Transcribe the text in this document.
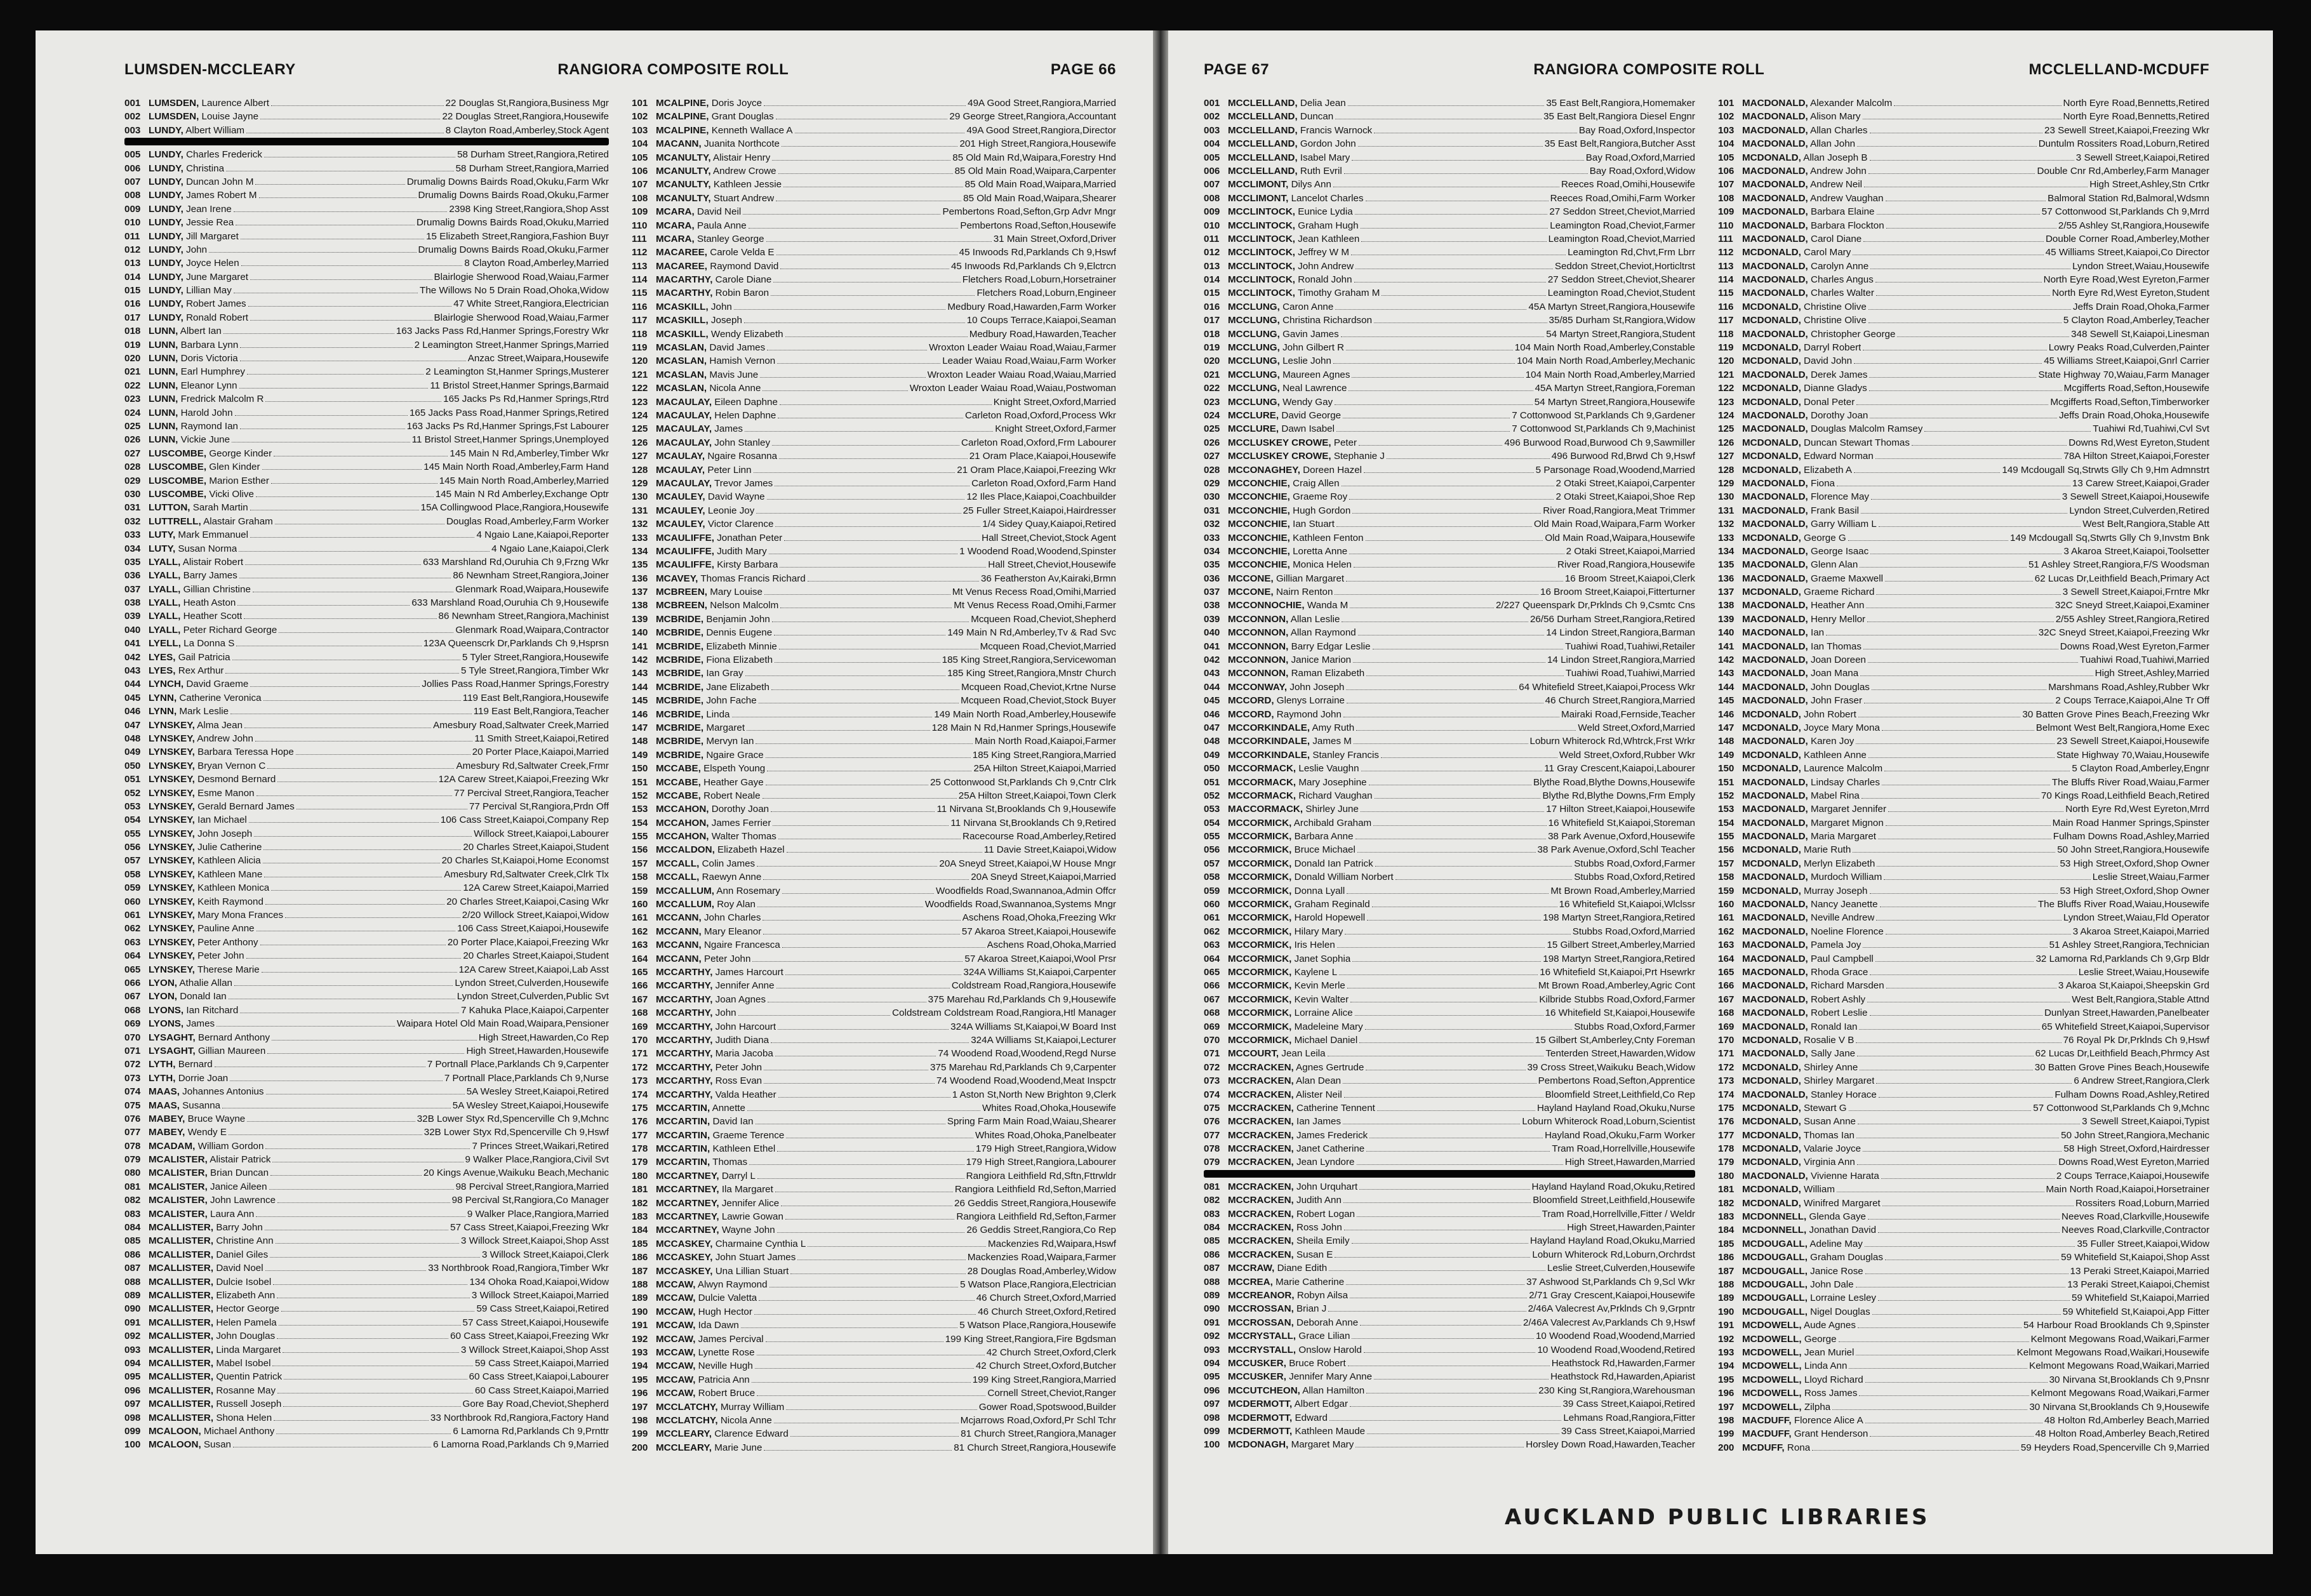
LUMSDEN-MCCLEARY	RANGIORA COMPOSITE ROLL	PAGE 66
001 LUMSDEN, Laurence Albert	22 Douglas St,Rangiora,Business Mgr
002 LUMSDEN, Louise Jayne	22 Douglas Street,Rangiora,Housewife
003 LUNDY, Albert William	8 Clayton Road,Amberley,Stock Agent
005 LUNDY, Charles Frederick	58 Durham Street,Rangiora,Retired
006 LUNDY, Christina	58 Durham Street,Rangiora,Married
007 LUNDY, Duncan John M	Drumalig Downs Bairds Road,Okuku,Farm Wkr
008 LUNDY, James Robert M	Drumalig Downs Bairds Road,Okuku,Farmer
009 LUNDY, Jean Irene	2398 King Street,Rangiora,Shop Asst
010 LUNDY, Jessie Rea	Drumalig Downs Bairds Road,Okuku,Married
011 LUNDY, Jill Margaret	15 Elizabeth Street,Rangiora,Fashion Buyr
012 LUNDY, John	Drumalig Downs Bairds Road,Okuku,Farmer
013 LUNDY, Joyce Helen	8 Clayton Road,Amberley,Married
014 LUNDY, June Margaret	Blairlogie Sherwood Road,Waiau,Farmer
015 LUNDY, Lillian May	The Willows No 5 Drain Road,Ohoka,Widow
016 LUNDY, Robert James	47 White Street,Rangiora,Electrician
017 LUNDY, Ronald Robert	Blairlogie Sherwood Road,Waiau,Farmer
018 LUNN, Albert Ian	163 Jacks Pass Rd,Hanmer Springs,Forestry Wkr
019 LUNN, Barbara Lynn	2 Leamington Street,Hanmer Springs,Married
020 LUNN, Doris Victoria	Anzac Street,Waipara,Housewife
021 LUNN, Earl Humphrey	2 Leamington St,Hanmer Springs,Musterer
022 LUNN, Eleanor Lynn	11 Bristol Street,Hanmer Springs,Barmaid
023 LUNN, Fredrick Malcolm R	165 Jacks Ps Rd,Hanmer Springs,Rtrd
024 LUNN, Harold John	165 Jacks Pass Road,Hanmer Springs,Retired
025 LUNN, Raymond Ian	163 Jacks Ps Rd,Hanmer Springs,Fst Labourer
026 LUNN, Vickie June	11 Bristol Street,Hanmer Springs,Unemployed
027 LUSCOMBE, George Kinder	145 Main N Rd,Amberley,Timber Wkr
028 LUSCOMBE, Glen Kinder	145 Main North Road,Amberley,Farm Hand
029 LUSCOMBE, Marion Esther	145 Main North Road,Amberley,Married
030 LUSCOMBE, Vicki Olive	145 Main N Rd Amberley,Exchange Optr
031 LUTTON, Sarah Martin	15A Collingwood Place,Rangiora,Housewife
032 LUTTRELL, Alastair Graham	Douglas Road,Amberley,Farm Worker
033 LUTY, Mark Emmanuel	4 Ngaio Lane,Kaiapoi,Reporter
034 LUTY, Susan Norma	4 Ngaio Lane,Kaiapoi,Clerk
035 LYALL, Alistair Robert	633 Marshland Rd,Ouruhia Ch 9,Frzng Wkr
036 LYALL, Barry James	86 Newnham Street,Rangiora,Joiner
037 LYALL, Gillian Christine	Glenmark Road,Waipara,Housewife
038 LYALL, Heath Aston	633 Marshland Road,Ouruhia Ch 9,Housewife
039 LYALL, Heather Scott	86 Newnham Street,Rangiora,Machinist
040 LYALL, Peter Richard George	Glenmark Road,Waipara,Contractor
041 LYELL, La Donna S	123A Queenscrk Dr,Parklands Ch 9,Hsprsn
042 LYES, Gail Patricia	5 Tyler Street,Rangiora,Housewife
043 LYES, Rex Arthur	5 Tyle Street,Rangiora,Timber Wkr
044 LYNCH, David Graeme	Jollies Pass Road,Hanmer Springs,Forestry
045 LYNN, Catherine Veronica	119 East Belt,Rangiora,Housewife
046 LYNN, Mark Leslie	119 East Belt,Rangiora,Teacher
047 LYNSKEY, Alma Jean	Amesbury Road,Saltwater Creek,Married
048 LYNSKEY, Andrew John	11 Smith Street,Kaiapoi,Retired
049 LYNSKEY, Barbara Teressa Hope	20 Porter Place,Kaiapoi,Married
050 LYNSKEY, Bryan Vernon C	Amesbury Rd,Saltwater Creek,Frmr
051 LYNSKEY, Desmond Bernard	12A Carew Street,Kaiapoi,Freezing Wkr
052 LYNSKEY, Esme Manon	77 Percival Street,Rangiora,Teacher
053 LYNSKEY, Gerald Bernard James	77 Percival St,Rangiora,Prdn Off
054 LYNSKEY, Ian Michael	106 Cass Street,Kaiapoi,Company Rep
055 LYNSKEY, John Joseph	Willock Street,Kaiapoi,Labourer
056 LYNSKEY, Julie Catherine	20 Charles Street,Kaiapoi,Student
057 LYNSKEY, Kathleen Alicia	20 Charles St,Kaiapoi,Home Economst
058 LYNSKEY, Kathleen Mane	Amesbury Rd,Saltwater Creek,Clrk Tlx
059 LYNSKEY, Kathleen Monica	12A Carew Street,Kaiapoi,Married
060 LYNSKEY, Keith Raymond	20 Charles Street,Kaiapoi,Casing Wkr
061 LYNSKEY, Mary Mona Frances	2/20 Willock Street,Kaiapoi,Widow
062 LYNSKEY, Pauline Anne	106 Cass Street,Kaiapoi,Housewife
063 LYNSKEY, Peter Anthony	20 Porter Place,Kaiapoi,Freezing Wkr
064 LYNSKEY, Peter John	20 Charles Street,Kaiapoi,Student
065 LYNSKEY, Therese Marie	12A Carew Street,Kaiapoi,Lab Asst
066 LYON, Athalie Allan	Lyndon Street,Culverden,Housewife
067 LYON, Donald Ian	Lyndon Street,Culverden,Public Svt
068 LYONS, Ian Ritchard	7 Kahuka Place,Kaiapoi,Carpenter
069 LYONS, James	Waipara Hotel Old Main Road,Waipara,Pensioner
070 LYSAGHT, Bernard Anthony	High Street,Hawarden,Co Rep
071 LYSAGHT, Gillian Maureen	High Street,Hawarden,Housewife
072 LYTH, Bernard	7 Portnall Place,Parklands Ch 9,Carpenter
073 LYTH, Dorrie Joan	7 Portnall Place,Parklands Ch 9,Nurse
074 MAAS, Johannes Antonius	5A Wesley Street,Kaiapoi,Retired
075 MAAS, Susanna	5A Wesley Street,Kaiapoi,Housewife
076 MABEY, Bruce Wayne	32B Lower Styx Rd,Spencerville Ch 9,Mchnc
077 MABEY, Wendy E	32B Lower Styx Rd,Spencerville Ch 9,Hswf
078 MCADAM, William Gordon	7 Princes Street,Waikari,Retired
079 MCALISTER, Alistair Patrick	9 Walker Place,Rangiora,Civil Svt
080 MCALISTER, Brian Duncan	20 Kings Avenue,Waikuku Beach,Mechanic
081 MCALISTER, Janice Aileen	98 Percival Street,Rangiora,Married
082 MCALISTER, John Lawrence	98 Percival St,Rangiora,Co Manager
083 MCALISTER, Laura Ann	9 Walker Place,Rangiora,Married
084 MCALLISTER, Barry John	57 Cass Street,Kaiapoi,Freezing Wkr
085 MCALLISTER, Christine Ann	3 Willock Street,Kaiapoi,Shop Asst
086 MCALLISTER, Daniel Giles	3 Willock Street,Kaiapoi,Clerk
087 MCALLISTER, David Noel	33 Northbrook Road,Rangiora,Timber Wkr
088 MCALLISTER, Dulcie Isobel	134 Ohoka Road,Kaiapoi,Widow
089 MCALLISTER, Elizabeth Ann	3 Willock Street,Kaiapoi,Married
090 MCALLISTER, Hector George	59 Cass Street,Kaiapoi,Retired
091 MCALLISTER, Helen Pamela	57 Cass Street,Kaiapoi,Housewife
092 MCALLISTER, John Douglas	60 Cass Street,Kaiapoi,Freezing Wkr
093 MCALLISTER, Linda Margaret	3 Willock Street,Kaiapoi,Shop Asst
094 MCALLISTER, Mabel Isobel	59 Cass Street,Kaiapoi,Married
095 MCALLISTER, Quentin Patrick	60 Cass Street,Kaiapoi,Labourer
096 MCALLISTER, Rosanne May	60 Cass Street,Kaiapoi,Married
097 MCALLISTER, Russell Joseph	Gore Bay Road,Cheviot,Shepherd
098 MCALLISTER, Shona Helen	33 Northbrook Rd,Rangiora,Factory Hand
099 MCALOON, Michael Anthony	6 Lamorna Rd,Parklands Ch 9,Prnttr
100 MCALOON, Susan	6 Lamorna Road,Parklands Ch 9,Married
101 MCALPINE, Doris Joyce	49A Good Street,Rangiora,Married
102 MCALPINE, Grant Douglas	29 George Street,Rangiora,Accountant
103 MCALPINE, Kenneth Wallace A	49A Good Street,Rangiora,Director
104 MACANN, Juanita Northcote	201 High Street,Rangiora,Housewife
105 MCANULTY, Alistair Henry	85 Old Main Rd,Waipara,Forestry Hnd
106 MCANULTY, Andrew Crowe	85 Old Main Road,Waipara,Carpenter
107 MCANULTY, Kathleen Jessie	85 Old Main Road,Waipara,Married
108 MCANULTY, Stuart Andrew	85 Old Main Road,Waipara,Shearer
109 MCARA, David Neil	Pembertons Road,Sefton,Grp Advr Mngr
110 MCARA, Paula Anne	Pembertons Road,Sefton,Housewife
111 MCARA, Stanley George	31 Main Street,Oxford,Driver
112 MACAREE, Carole Velda E	45 Inwoods Rd,Parklands Ch 9,Hswf
113 MACAREE, Raymond David	45 Inwoods Rd,Parklands Ch 9,Elctrcn
114 MACARTHY, Carole Diane	Fletchers Road,Loburn,Horsetrainer
115 MACARTHY, Robin Baron	Fletchers Road,Loburn,Engineer
116 MCASKILL, John	Medbury Road,Hawarden,Farm Worker
117 MCASKILL, Joseph	10 Coups Terrace,Kaiapoi,Seaman
118 MCASKILL, Wendy Elizabeth	Medbury Road,Hawarden,Teacher
119 MCASLAN, David James	Wroxton Leader Waiau Road,Waiau,Farmer
120 MCASLAN, Hamish Vernon	Leader Waiau Road,Waiau,Farm Worker
121 MCASLAN, Mavis June	Wroxton Leader Waiau Road,Waiau,Married
122 MCASLAN, Nicola Anne	Wroxton Leader Waiau Road,Waiau,Postwoman
123 MACAULAY, Eileen Daphne	Knight Street,Oxford,Married
124 MACAULAY, Helen Daphne	Carleton Road,Oxford,Process Wkr
125 MACAULAY, James	Knight Street,Oxford,Farmer
126 MACAULAY, John Stanley	Carleton Road,Oxford,Frm Labourer
127 MCAULAY, Ngaire Rosanna	21 Oram Place,Kaiapoi,Housewife
128 MCAULAY, Peter Linn	21 Oram Place,Kaiapoi,Freezing Wkr
129 MACAULAY, Trevor James	Carleton Road,Oxford,Farm Hand
130 MCAULEY, David Wayne	12 Iles Place,Kaiapoi,Coachbuilder
131 MCAULEY, Leonie Joy	25 Fuller Street,Kaiapoi,Hairdresser
132 MCAULEY, Victor Clarence	1/4 Sidey Quay,Kaiapoi,Retired
133 MCAULIFFE, Jonathan Peter	Hall Street,Cheviot,Stock Agent
134 MCAULIFFE, Judith Mary	1 Woodend Road,Woodend,Spinster
135 MCAULIFFE, Kirsty Barbara	Hall Street,Cheviot,Housewife
136 MCAVEY, Thomas Francis Richard	36 Featherston Av,Kairaki,Brmn
137 MCBREEN, Mary Louise	Mt Venus Recess Road,Omihi,Married
138 MCBREEN, Nelson Malcolm	Mt Venus Recess Road,Omihi,Farmer
139 MCBRIDE, Benjamin John	Mcqueen Road,Cheviot,Shepherd
140 MCBRIDE, Dennis Eugene	149 Main N Rd,Amberley,Tv & Rad Svc
141 MCBRIDE, Elizabeth Minnie	Mcqueen Road,Cheviot,Married
142 MCBRIDE, Fiona Elizabeth	185 King Street,Rangiora,Servicewoman
143 MCBRIDE, Ian Gray	185 King Street,Rangiora,Mnstr Church
144 MCBRIDE, Jane Elizabeth	Mcqueen Road,Cheviot,Krtne Nurse
145 MCBRIDE, John Fache	Mcqueen Road,Cheviot,Stock Buyer
146 MCBRIDE, Linda	149 Main North Road,Amberley,Housewife
147 MCBRIDE, Margaret	128 Main N Rd,Hanmer Springs,Housewife
148 MCBRIDE, Mervyn Ian	Main North Road,Kaiapoi,Farmer
149 MCBRIDE, Ngaire Grace	185 King Street,Rangiora,Married
150 MCCABE, Elspeth Young	25A Hilton Street,Kaiapoi,Married
151 MCCABE, Heather Gaye	25 Cottonwood St,Parklands Ch 9,Cntr Clrk
152 MCCABE, Robert Neale	25A Hilton Street,Kaiapoi,Town Clerk
153 MCCAHON, Dorothy Joan	11 Nirvana St,Brooklands Ch 9,Housewife
154 MCCAHON, James Ferrier	11 Nirvana St,Brooklands Ch 9,Retired
155 MCCAHON, Walter Thomas	Racecourse Road,Amberley,Retired
156 MCCALDON, Elizabeth Hazel	11 Davie Street,Kaiapoi,Widow
157 MCCALL, Colin James	20A Sneyd Street,Kaiapoi,W House Mngr
158 MCCALL, Raewyn Anne	20A Sneyd Street,Kaiapoi,Married
159 MCCALLUM, Ann Rosemary	Woodfields Road,Swannanoa,Admin Offcr
160 MCCALLUM, Roy Alan	Woodfields Road,Swannanoa,Systems Mngr
161 MCCANN, John Charles	Aschens Road,Ohoka,Freezing Wkr
162 MCCANN, Mary Eleanor	57 Akaroa Street,Kaiapoi,Housewife
163 MCCANN, Ngaire Francesca	Aschens Road,Ohoka,Married
164 MCCANN, Peter John	57 Akaroa Street,Kaiapoi,Wool Prsr
165 MCCARTHY, James Harcourt	324A Williams St,Kaiapoi,Carpenter
166 MCCARTHY, Jennifer Anne	Coldstream Road,Rangiora,Housewife
167 MCCARTHY, Joan Agnes	375 Marehau Rd,Parklands Ch 9,Housewife
168 MCCARTHY, John	Coldstream Coldstream Road,Rangiora,Htl Manager
169 MCCARTHY, John Harcourt	324A Williams St,Kaiapoi,W Board Inst
170 MCCARTHY, Judith Diana	324A Williams St,Kaiapoi,Lecturer
171 MCCARTHY, Maria Jacoba	74 Woodend Road,Woodend,Regd Nurse
172 MCCARTHY, Peter John	375 Marehau Rd,Parklands Ch 9,Carpenter
173 MCCARTHY, Ross Evan	74 Woodend Road,Woodend,Meat Inspctr
174 MCCARTHY, Valda Heather	1 Aston St,North New Brighton 9,Clerk
175 MCCARTIN, Annette	Whites Road,Ohoka,Housewife
176 MCCARTIN, David Ian	Spring Farm Main Road,Waiau,Shearer
177 MCCARTIN, Graeme Terence	Whites Road,Ohoka,Panelbeater
178 MCCARTIN, Kathleen Ethel	179 High Street,Rangiora,Widow
179 MCCARTIN, Thomas	179 High Street,Rangiora,Labourer
180 MCCARTNEY, Darryl L	Rangiora Leithfield Rd,Sftn,Fttrwldr
181 MCCARTNEY, Ila Margaret	Rangiora Leithfield Rd,Sefton,Married
182 MCCARTNEY, Jennifer Alice	26 Geddis Street,Rangiora,Housewife
183 MCCARTNEY, Lawrie Gowan	Rangiora Leithfield Rd,Sefton,Farmer
184 MCCARTNEY, Wayne John	26 Geddis Street,Rangiora,Co Rep
185 MCCASKEY, Charmaine Cynthia L	Mackenzies Rd,Waipara,Hswf
186 MCCASKEY, John Stuart James	Mackenzies Road,Waipara,Farmer
187 MCCASKEY, Una Lillian Stuart	28 Douglas Road,Amberley,Widow
188 MCCAW, Alwyn Raymond	5 Watson Place,Rangiora,Electrician
189 MCCAW, Dulcie Valetta	46 Church Street,Oxford,Married
190 MCCAW, Hugh Hector	46 Church Street,Oxford,Retired
191 MCCAW, Ida Dawn	5 Watson Place,Rangiora,Housewife
192 MCCAW, James Percival	199 King Street,Rangiora,Fire Bgdsman
193 MCCAW, Lynette Rose	42 Church Street,Oxford,Clerk
194 MCCAW, Neville Hugh	42 Church Street,Oxford,Butcher
195 MCCAW, Patricia Ann	199 King Street,Rangiora,Married
196 MCCAW, Robert Bruce	Cornell Street,Cheviot,Ranger
197 MCCLATCHY, Murray William	Gower Road,Spotswood,Builder
198 MCCLATCHY, Nicola Anne	Mcjarrows Road,Oxford,Pr Schl Tchr
199 MCCLEARY, Clarence Edward	81 Church Street,Rangiora,Manager
200 MCCLEARY, Marie June	81 Church Street,Rangiora,Housewife
PAGE 67	RANGIORA COMPOSITE ROLL	MCCLELLAND-MCDUFF
001 MCCLELLAND, Delia Jean	35 East Belt,Rangiora,Homemaker
002 MCCLELLAND, Duncan	35 East Belt,Rangiora Diesel Engnr
003 MCCLELLAND, Francis Warnock	Bay Road,Oxford,Inspector
004 MCCLELLAND, Gordon John	35 East Belt,Rangiora,Butcher Asst
005 MCCLELLAND, Isabel Mary	Bay Road,Oxford,Married
006 MCCLELLAND, Ruth Evril	Bay Road,Oxford,Widow
007 MCCLIMONT, Dilys Ann	Reeces Road,Omihi,Housewife
008 MCCLIMONT, Lancelot Charles	Reeces Road,Omihi,Farm Worker
009 MCCLINTOCK, Eunice Lydia	27 Seddon Street,Cheviot,Married
010 MCCLINTOCK, Graham Hugh	Leamington Road,Cheviot,Farmer
011 MCCLINTOCK, Jean Kathleen	Leamington Road,Cheviot,Married
012 MCCLINTOCK, Jeffrey W M	Leamington Rd,Chvt,Frm Lbrr
013 MCCLINTOCK, John Andrew	Seddon Street,Cheviot,Horticltrst
014 MCCLINTOCK, Ronald John	27 Seddon Street,Cheviot,Shearer
015 MCCLINTOCK, Timothy Graham M	Leamington Road,Cheviot,Student
016 MCCLUNG, Caron Anne	45A Martyn Street,Rangiora,Housewife
017 MCCLUNG, Christina Richardson	35/85 Durham St,Rangiora,Widow
018 MCCLUNG, Gavin James	54 Martyn Street,Rangiora,Student
019 MCCLUNG, John Gilbert R	104 Main North Road,Amberley,Constable
020 MCCLUNG, Leslie John	104 Main North Road,Amberley,Mechanic
021 MCCLUNG, Maureen Agnes	104 Main North Road,Amberley,Married
022 MCCLUNG, Neal Lawrence	45A Martyn Street,Rangiora,Foreman
023 MCCLUNG, Wendy Gay	54 Martyn Street,Rangiora,Housewife
024 MCCLURE, David George	7 Cottonwood St,Parklands Ch 9,Gardener
025 MCCLURE, Dawn Isabel	7 Cottonwood St,Parklands Ch 9,Machinist
026 MCCLUSKEY CROWE, Peter	496 Burwood Road,Burwood Ch 9,Sawmiller
027 MCCLUSKEY CROWE, Stephanie J	496 Burwood Rd,Brwd Ch 9,Hswf
028 MCCONAGHEY, Doreen Hazel	5 Parsonage Road,Woodend,Married
029 MCCONCHIE, Craig Allen	2 Otaki Street,Kaiapoi,Carpenter
030 MCCONCHIE, Graeme Roy	2 Otaki Street,Kaiapoi,Shoe Rep
031 MCCONCHIE, Hugh Gordon	River Road,Rangiora,Meat Trimmer
032 MCCONCHIE, Ian Stuart	Old Main Road,Waipara,Farm Worker
033 MCCONCHIE, Kathleen Fenton	Old Main Road,Waipara,Housewife
034 MCCONCHIE, Loretta Anne	2 Otaki Street,Kaiapoi,Married
035 MCCONCHIE, Monica Helen	River Road,Rangiora,Housewife
036 MCCONE, Gillian Margaret	16 Broom Street,Kaiapoi,Clerk
037 MCCONE, Nairn Renton	16 Broom Street,Kaiapoi,Fitterturner
038 MCCONNOCHIE, Wanda M	2/227 Queenspark Dr,Prklnds Ch 9,Csmtc Cns
039 MCCONNON, Allan Leslie	26/56 Durham Street,Rangiora,Retired
040 MCCONNON, Allan Raymond	14 Lindon Street,Rangiora,Barman
041 MCCONNON, Barry Edgar Leslie	Tuahiwi Road,Tuahiwi,Retailer
042 MCCONNON, Janice Marion	14 Lindon Street,Rangiora,Married
043 MCCONNON, Raman Elizabeth	Tuahiwi Road,Tuahiwi,Married
044 MCCONWAY, John Joseph	64 Whitefield Street,Kaiapoi,Process Wkr
045 MCCORD, Glenys Lorraine	46 Church Street,Rangiora,Married
046 MCCORD, Raymond John	Mairaki Road,Fernside,Teacher
047 MCCORKINDALE, Amy Ruth	Weld Street,Oxford,Married
048 MCCORKINDALE, James M	Loburn Whiterock Rd,Whtrck,Frst Wrkr
049 MCCORKINDALE, Stanley Francis	Weld Street,Oxford,Rubber Wkr
050 MCCORMACK, Leslie Vaughn	11 Gray Crescent,Kaiapoi,Labourer
051 MCCORMACK, Mary Josephine	Blythe Road,Blythe Downs,Housewife
052 MCCORMACK, Richard Vaughan	Blythe Rd,Blythe Downs,Frm Emply
053 MACCORMACK, Shirley June	17 Hilton Street,Kaiapoi,Housewife
054 MCCORMICK, Archibald Graham	16 Whitefield St,Kaiapoi,Storeman
055 MCCORMICK, Barbara Anne	38 Park Avenue,Oxford,Housewife
056 MCCORMICK, Bruce Michael	38 Park Avenue,Oxford,Schl Teacher
057 MCCORMICK, Donald Ian Patrick	Stubbs Road,Oxford,Farmer
058 MCCORMICK, Donald William Norbert	Stubbs Road,Oxford,Retired
059 MCCORMICK, Donna Lyall	Mt Brown Road,Amberley,Married
060 MCCORMICK, Graham Reginald	16 Whitefield St,Kaiapoi,Wlclssr
061 MCCORMICK, Harold Hopewell	198 Martyn Street,Rangiora,Retired
062 MCCORMICK, Hilary Mary	Stubbs Road,Oxford,Married
063 MCCORMICK, Iris Helen	15 Gilbert Street,Amberley,Married
064 MCCORMICK, Janet Sophia	198 Martyn Street,Rangiora,Retired
065 MCCORMICK, Kaylene L	16 Whitefield St,Kaiapoi,Prt Hsewrkr
066 MCCORMICK, Kevin Merle	Mt Brown Road,Amberley,Agric Cont
067 MCCORMICK, Kevin Walter	Kilbride Stubbs Road,Oxford,Farmer
068 MCCORMICK, Lorraine Alice	16 Whitefield St,Kaiapoi,Housewife
069 MCCORMICK, Madeleine Mary	Stubbs Road,Oxford,Farmer
070 MCCORMICK, Michael Daniel	15 Gilbert St,Amberley,Cnty Foreman
071 MCCOURT, Jean Leila	Tenterden Street,Hawarden,Widow
072 MCCRACKEN, Agnes Gertrude	39 Cross Street,Waikuku Beach,Widow
073 MCCRACKEN, Alan Dean	Pembertons Road,Sefton,Apprentice
074 MCCRACKEN, Alister Neil	Bloomfield Street,Leithfield,Co Rep
075 MCCRACKEN, Catherine Tennent	Hayland Hayland Road,Okuku,Nurse
076 MCCRACKEN, Ian James	Loburn Whiterock Road,Loburn,Scientist
077 MCCRACKEN, James Frederick	Hayland Road,Okuku,Farm Worker
078 MCCRACKEN, Janet Catherine	Tram Road,Horrellville,Housewife
079 MCCRACKEN, Jean Lyndore	High Street,Hawarden,Married
081 MCCRACKEN, John Urquhart	Hayland Hayland Road,Okuku,Retired
082 MCCRACKEN, Judith Ann	Bloomfield Street,Leithfield,Housewife
083 MCCRACKEN, Robert Logan	Tram Road,Horrellville,Fitter / Weldr
084 MCCRACKEN, Ross John	High Street,Hawarden,Painter
085 MCCRACKEN, Sheila Emily	Hayland Hayland Road,Okuku,Married
086 MCCRACKEN, Susan E	Loburn Whiterock Rd,Loburn,Orchrdst
087 MCCRAW, Diane Edith	Leslie Street,Culverden,Housewife
088 MCCREA, Marie Catherine	37 Ashwood St,Parklands Ch 9,Scl Wkr
089 MCCREANOR, Robyn Ailsa	2/71 Gray Crescent,Kaiapoi,Housewife
090 MCCROSSAN, Brian J	2/46A Valecrest Av,Prklnds Ch 9,Grpntr
091 MCCROSSAN, Deborah Anne	2/46A Valecrest Av,Parklands Ch 9,Hswf
092 MCCRYSTALL, Grace Lilian	10 Woodend Road,Woodend,Married
093 MCCRYSTALL, Onslow Harold	10 Woodend Road,Woodend,Retired
094 MCCUSKER, Bruce Robert	Heathstock Rd,Hawarden,Farmer
095 MCCUSKER, Jennifer Mary Anne	Heathstock Rd,Hawarden,Apiarist
096 MCCUTCHEON, Allan Hamilton	230 King St,Rangiora,Warehousman
097 MCDERMOTT, Albert Edgar	39 Cass Street,Kaiapoi,Retired
098 MCDERMOTT, Edward	Lehmans Road,Rangiora,Fitter
099 MCDERMOTT, Kathleen Maude	39 Cass Street,Kaiapoi,Married
100 MCDONAGH, Margaret Mary	Horsley Down Road,Hawarden,Teacher
101 MACDONALD, Alexander Malcolm	North Eyre Road,Bennetts,Retired
102 MACDONALD, Alison Mary	North Eyre Road,Bennetts,Retired
103 MACDONALD, Allan Charles	23 Sewell Street,Kaiapoi,Freezing Wkr
104 MACDONALD, Allan John	Duntulm Rossiters Road,Loburn,Retired
105 MCDONALD, Allan Joseph B	3 Sewell Street,Kaiapoi,Retired
106 MACDONALD, Andrew John	Double Cnr Rd,Amberley,Farm Manager
107 MACDONALD, Andrew Neil	High Street,Ashley,Stn Crtkr
108 MACDONALD, Andrew Vaughan	Balmoral Station Rd,Balmoral,Wdsmn
109 MACDONALD, Barbara Elaine	57 Cottonwood St,Parklands Ch 9,Mrrd
110 MACDONALD, Barbara Flockton	2/55 Ashley St,Rangiora,Housewife
111 MACDONALD, Carol Diane	Double Corner Road,Amberley,Mother
112 MCDONALD, Carol Mary	45 Williams Street,Kaiapoi,Co Director
113 MACDONALD, Carolyn Anne	Lyndon Street,Waiau,Housewife
114 MACDONALD, Charles Angus	North Eyre Road,West Eyreton,Farmer
115 MACDONALD, Charles Walter	North Eyre Rd,West Eyreton,Student
116 MCDONALD, Christine Olive	Jeffs Drain Road,Ohoka,Farmer
117 MCDONALD, Christine Olive	5 Clayton Road,Amberley,Teacher
118 MACDONALD, Christopher George	348 Sewell St,Kaiapoi,Linesman
119 MCDONALD, Darryl Robert	Lowry Peaks Road,Culverden,Painter
120 MCDONALD, David John	45 Williams Street,Kaiapoi,Gnrl Carrier
121 MACDONALD, Derek James	State Highway 70,Waiau,Farm Manager
122 MCDONALD, Dianne Gladys	Mcgifferts Road,Sefton,Housewife
123 MCDONALD, Donal Peter	Mcgifferts Road,Sefton,Timberworker
124 MACDONALD, Dorothy Joan	Jeffs Drain Road,Ohoka,Housewife
125 MACDONALD, Douglas Malcolm Ramsey	Tuahiwi Rd,Tuahiwi,Cvl Svt
126 MCDONALD, Duncan Stewart Thomas	Downs Rd,West Eyreton,Student
127 MCDONALD, Edward Norman	78A Hilton Street,Kaiapoi,Forester
128 MCDONALD, Elizabeth A	149 Mcdougall Sq,Strwts Glly Ch 9,Hm Admnstrt
129 MACDONALD, Fiona	13 Carew Street,Kaiapoi,Grader
130 MACDONALD, Florence May	3 Sewell Street,Kaiapoi,Housewife
131 MACDONALD, Frank Basil	Lyndon Street,Culverden,Retired
132 MACDONALD, Garry William L	West Belt,Rangiora,Stable Att
133 MCDONALD, George G	149 Mcdougall Sq,Stwrts Glly Ch 9,Invstm Bnk
134 MACDONALD, George Isaac	3 Akaroa Street,Kaiapoi,Toolsetter
135 MACDONALD, Glenn Alan	51 Ashley Street,Rangiora,F/S Woodsman
136 MACDONALD, Graeme Maxwell	62 Lucas Dr,Leithfield Beach,Primary Act
137 MCDONALD, Graeme Richard	3 Sewell Street,Kaiapoi,Frntre Mkr
138 MACDONALD, Heather Ann	32C Sneyd Street,Kaiapoi,Examiner
139 MACDONALD, Henry Mellor	2/55 Ashley Street,Rangiora,Retired
140 MACDONALD, Ian	32C Sneyd Street,Kaiapoi,Freezing Wkr
141 MACDONALD, Ian Thomas	Downs Road,West Eyreton,Farmer
142 MACDONALD, Joan Doreen	Tuahiwi Road,Tuahiwi,Married
143 MACDONALD, Joan Mana	High Street,Ashley,Married
144 MACDONALD, John Douglas	Marshmans Road,Ashley,Rubber Wkr
145 MACDONALD, John Fraser	2 Coups Terrace,Kaiapoi,Alne Tr Off
146 MCDONALD, John Robert	30 Batten Grove Pines Beach,Freezing Wkr
147 MCDONALD, Joyce Mary Mona	Belmont West Belt,Rangiora,Home Exec
148 MACDONALD, Karen Joy	23 Sewell Street,Kaiapoi,Housewife
149 MCDONALD, Kathleen Anne	State Highway 70,Waiau,Housewife
150 MCDONALD, Laurence Malcolm	5 Clayton Road,Amberley,Engnr
151 MACDONALD, Lindsay Charles	The Bluffs River Road,Waiau,Farmer
152 MACDONALD, Mabel Rina	70 Kings Road,Leithfield Beach,Retired
153 MACDONALD, Margaret Jennifer	North Eyre Rd,West Eyreton,Mrrd
154 MACDONALD, Margaret Mignon	Main Road Hanmer Springs,Spinster
155 MACDONALD, Maria Margaret	Fulham Downs Road,Ashley,Married
156 MCDONALD, Marie Ruth	50 John Street,Rangiora,Housewife
157 MCDONALD, Merlyn Elizabeth	53 High Street,Oxford,Shop Owner
158 MACDONALD, Murdoch William	Leslie Street,Waiau,Farmer
159 MCDONALD, Murray Joseph	53 High Street,Oxford,Shop Owner
160 MACDONALD, Nancy Jeanette	The Bluffs River Road,Waiau,Housewife
161 MACDONALD, Neville Andrew	Lyndon Street,Waiau,Fld Operator
162 MACDONALD, Noeline Florence	3 Akaroa Street,Kaiapoi,Married
163 MACDONALD, Pamela Joy	51 Ashley Street,Rangiora,Technician
164 MACDONALD, Paul Campbell	32 Lamorna Rd,Parklands Ch 9,Grp Bldr
165 MACDONALD, Rhoda Grace	Leslie Street,Waiau,Housewife
166 MACDONALD, Richard Marsden	3 Akaroa St,Kaiapoi,Sheepskin Grd
167 MACDONALD, Robert Ashly	West Belt,Rangiora,Stable Attnd
168 MACDONALD, Robert Leslie	Dunlyan Street,Hawarden,Panelbeater
169 MACDONALD, Ronald Ian	65 Whitefield Street,Kaiapoi,Supervisor
170 MCDONALD, Rosalie V B	76 Royal Pk Dr,Prklnds Ch 9,Hswf
171 MACDONALD, Sally Jane	62 Lucas Dr,Leithfield Beach,Phrmcy Ast
172 MCDONALD, Shirley Anne	30 Batten Grove Pines Beach,Housewife
173 MCDONALD, Shirley Margaret	6 Andrew Street,Rangiora,Clerk
174 MACDONALD, Stanley Horace	Fulham Downs Road,Ashley,Retired
175 MCDONALD, Stewart G	57 Cottonwood St,Parklands Ch 9,Mchnc
176 MCDONALD, Susan Anne	3 Sewell Street,Kaiapoi,Typist
177 MCDONALD, Thomas Ian	50 John Street,Rangiora,Mechanic
178 MCDONALD, Valarie Joyce	58 High Street,Oxford,Hairdresser
179 MCDONALD, Virginia Ann	Downs Road,West Eyreton,Married
180 MACDONALD, Vivienne Harata	2 Coups Terrace,Kaiapoi,Housewife
181 MCDONALD, William	Main North Road,Kaiapoi,Horsetrainer
182 MCDONALD, Winifred Margaret	Rossiters Road,Loburn,Married
183 MCDONNELL, Glenda Gaye	Neeves Road,Clarkville,Housewife
184 MCDONNELL, Jonathan David	Neeves Road,Clarkville,Contractor
185 MCDOUGALL, Adeline May	35 Fuller Street,Kaiapoi,Widow
186 MCDOUGALL, Graham Douglas	59 Whitefield St,Kaiapoi,Shop Asst
187 MCDOUGALL, Janice Rose	13 Peraki Street,Kaiapoi,Married
188 MCDOUGALL, John Dale	13 Peraki Street,Kaiapoi,Chemist
189 MCDOUGALL, Lorraine Lesley	59 Whitefield St,Kaiapoi,Married
190 MCDOUGALL, Nigel Douglas	59 Whitefield St,Kaiapoi,App Fitter
191 MCDOWELL, Aude Agnes	54 Harbour Road Brooklands Ch 9,Spinster
192 MCDOWELL, George	Kelmont Megowans Road,Waikari,Farmer
193 MCDOWELL, Jean Muriel	Kelmont Megowans Road,Waikari,Housewife
194 MCDOWELL, Linda Ann	Kelmont Megowans Road,Waikari,Married
195 MCDOWELL, Lloyd Richard	30 Nirvana St,Brooklands Ch 9,Pnsnr
196 MCDOWELL, Ross James	Kelmont Megowans Road,Waikari,Farmer
197 MCDOWELL, Zilpha	30 Nirvana St,Brooklands Ch 9,Housewife
198 MACDUFF, Florence Alice A	48 Holton Rd,Amberley Beach,Married
199 MACDUFF, Grant Henderson	48 Holton Road,Amberley Beach,Retired
200 MCDUFF, Rona	59 Heyders Road,Spencerville Ch 9,Married
AUCKLAND PUBLIC LIBRARIES
